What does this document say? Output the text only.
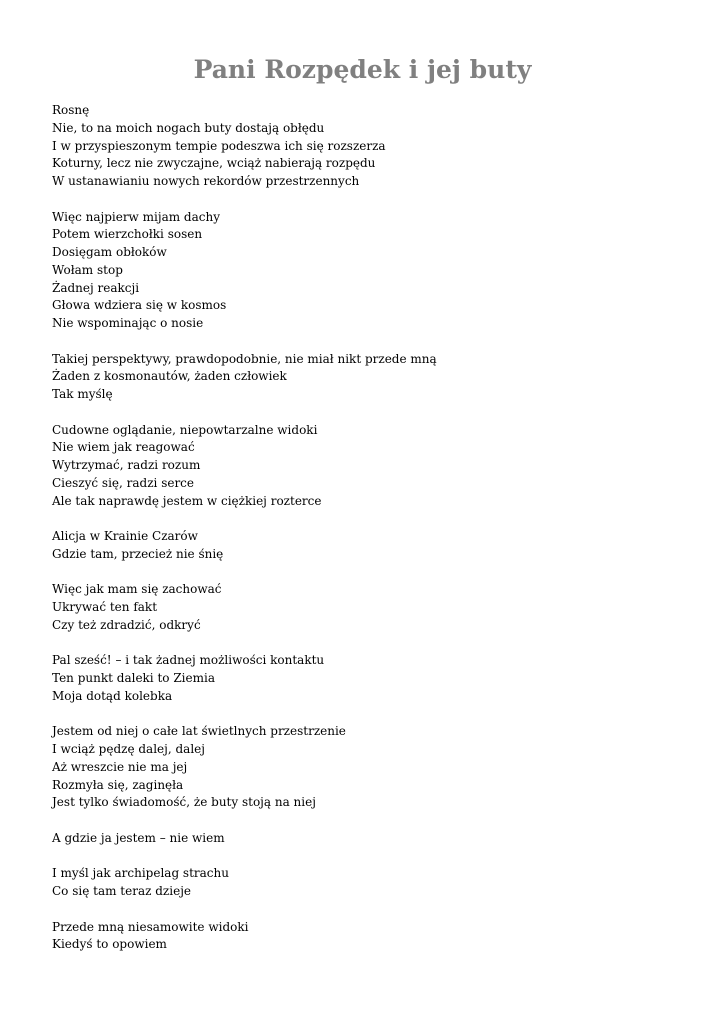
Pani Rozpędek i jej buty
Rosnę
Nie, to na moich nogach buty dostają obłędu
I w przyspieszonym tempie podeszwa ich się rozszerza
Koturny, lecz nie zwyczajne, wciąż nabierają rozpędu
W ustanawianiu nowych rekordów przestrzennych
Więc najpierw mijam dachy
Potem wierzchołki sosen
Dosięgam obłoków
Wołam stop
Żadnej reakcji
Głowa wdziera się w kosmos
Nie wspominając o nosie
Takiej perspektywy, prawdopodobnie, nie miał nikt przede mną
Żaden z kosmonautów, żaden człowiek
Tak myślę
Cudowne oglądanie, niepowtarzalne widoki
Nie wiem jak reagować
Wytrzymać, radzi rozum
Cieszyć się, radzi serce
Ale tak naprawdę jestem w ciężkiej rozterce
Alicja w Krainie Czarów
Gdzie tam, przecież nie śnię
Więc jak mam się zachować
Ukrywać ten fakt
Czy też zdradzić, odkryć
Pal sześć! – i tak żadnej możliwości kontaktu
Ten punkt daleki to Ziemia
Moja dotąd kolebka
Jestem od niej o całe lat świetlnych przestrzenie
I wciąż pędzę dalej, dalej
Aż wreszcie nie ma jej
Rozmyła się, zaginęła
Jest tylko świadomość, że buty stoją na niej
A gdzie ja jestem – nie wiem
I myśl jak archipelag strachu
Co się tam teraz dzieje
Przede mną niesamowite widoki
Kiedyś to opowiem
